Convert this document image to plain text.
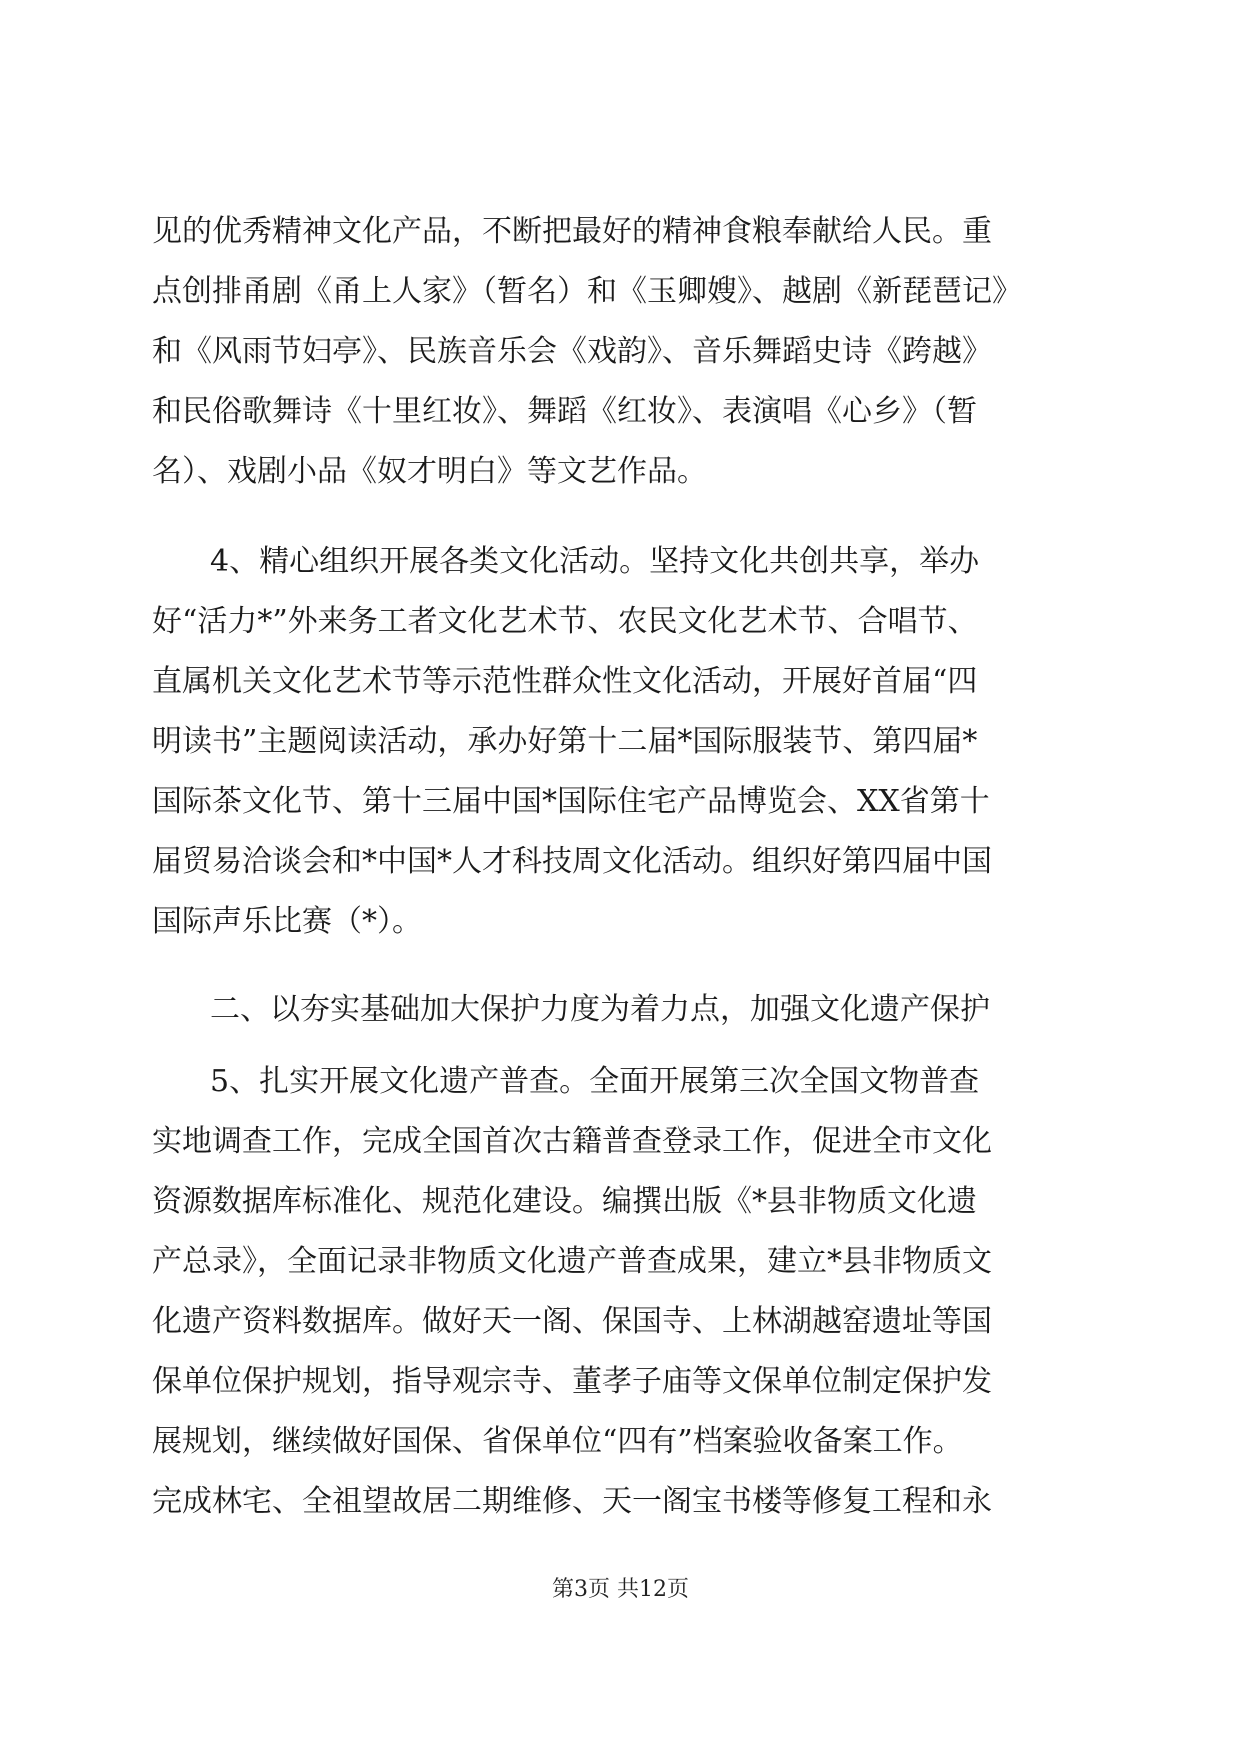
见的优秀精神文化产品，不断把最好的精神食粮奉献给人民。重
点创排甬剧《甬上人家》（暂名）和《玉卿嫂》、越剧《新琵琶记》
和《风雨节妇亭》、民族音乐会《戏韵》、音乐舞蹈史诗《跨越》
和民俗歌舞诗《十里红妆》、舞蹈《红妆》、表演唱《心乡》（暂
名）、戏剧小品《奴才明白》等文艺作品。
4、精心组织开展各类文化活动。坚持文化共创共享，举办
好“活力*”外来务工者文化艺术节、农民文化艺术节、合唱节、
直属机关文化艺术节等示范性群众性文化活动，开展好首届“四
明读书”主题阅读活动，承办好第十二届*国际服装节、第四届*
国际茶文化节、第十三届中国*国际住宅产品博览会、XX省第十
届贸易洽谈会和*中国*人才科技周文化活动。组织好第四届中国
国际声乐比赛（*）。
二、以夯实基础加大保护力度为着力点，加强文化遗产保护
5、扎实开展文化遗产普查。全面开展第三次全国文物普查
实地调查工作，完成全国首次古籍普查登录工作，促进全市文化
资源数据库标准化、规范化建设。编撰出版《*县非物质文化遗
产总录》，全面记录非物质文化遗产普查成果，建立*县非物质文
化遗产资料数据库。做好天一阁、保国寺、上林湖越窑遗址等国
保单位保护规划，指导观宗寺、董孝子庙等文保单位制定保护发
展规划，继续做好国保、省保单位“四有”档案验收备案工作。
完成林宅、全祖望故居二期维修、天一阁宝书楼等修复工程和永
第3页 共12页
